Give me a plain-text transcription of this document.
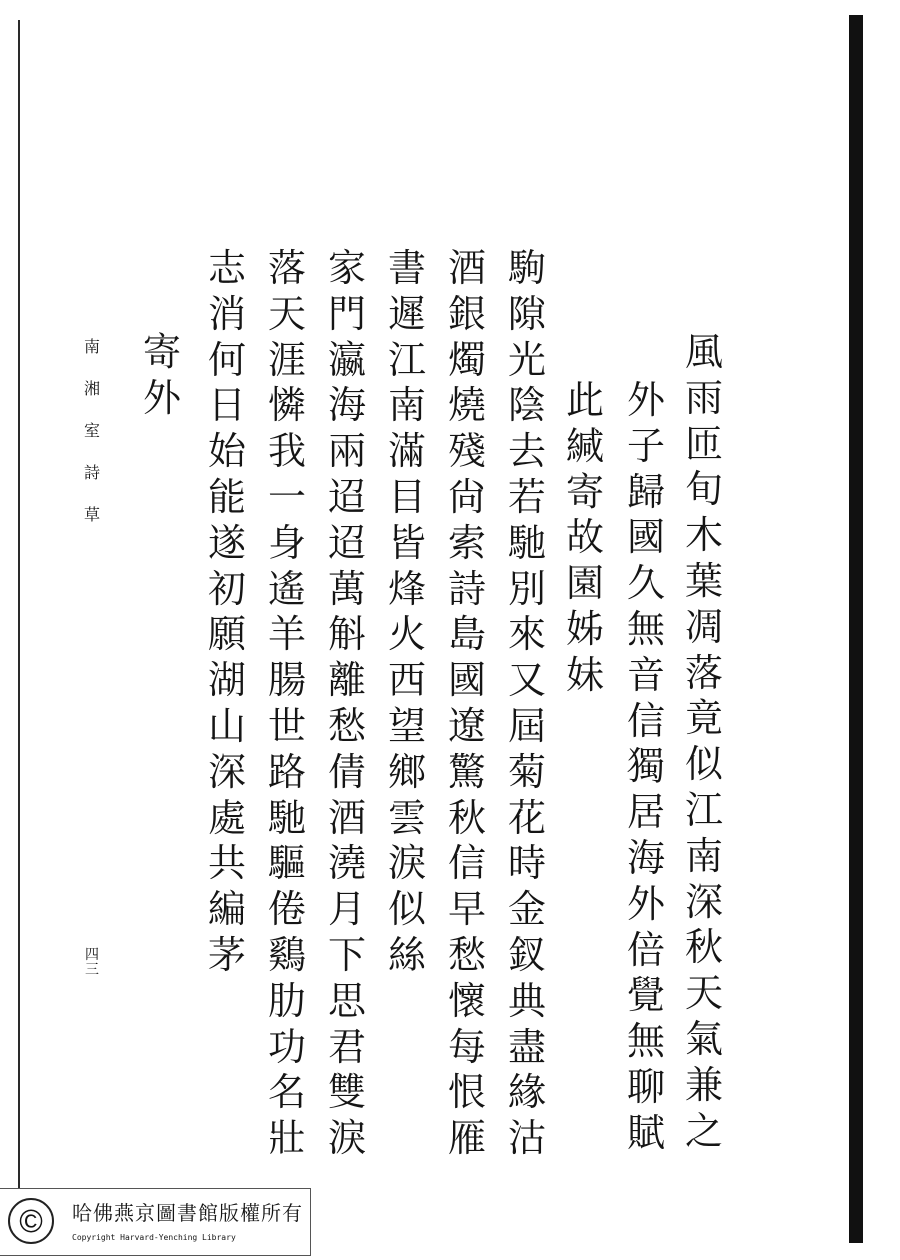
風
雨
匝
旬
木
葉
凋
落
竟
似
江
南
深
秋
天
氣
兼
之
外
子
歸
國
久
無
音
信
獨
居
海
外
倍
覺
無
聊
賦
此
緘
寄
故
園
姊
妹
駒
隙
光
陰
去
若
馳
別
來
又
屆
菊
花
時
金
釵
典
盡
緣
沽
酒
銀
燭
燒
殘
尙
索
詩
島
國
遼
驚
秋
信
早
愁
懷
每
恨
雁
書
遲
江
南
滿
目
皆
烽
火
西
望
鄉
雲
淚
似
絲
家
門
瀛
海
兩
迢
迢
萬
斛
離
愁
倩
酒
澆
月
下
思
君
雙
淚
落
天
涯
憐
我
一
身
遙
羊
腸
世
路
馳
驅
倦
鷄
肋
功
名
壯
志
消
何
日
始
能
遂
初
願
湖
山
深
處
共
編
茅
寄
外
南
湘
室
詩
草
四
三
©	哈佛燕京圖書館版權所有
Copyright Harvard-Yenching Library
